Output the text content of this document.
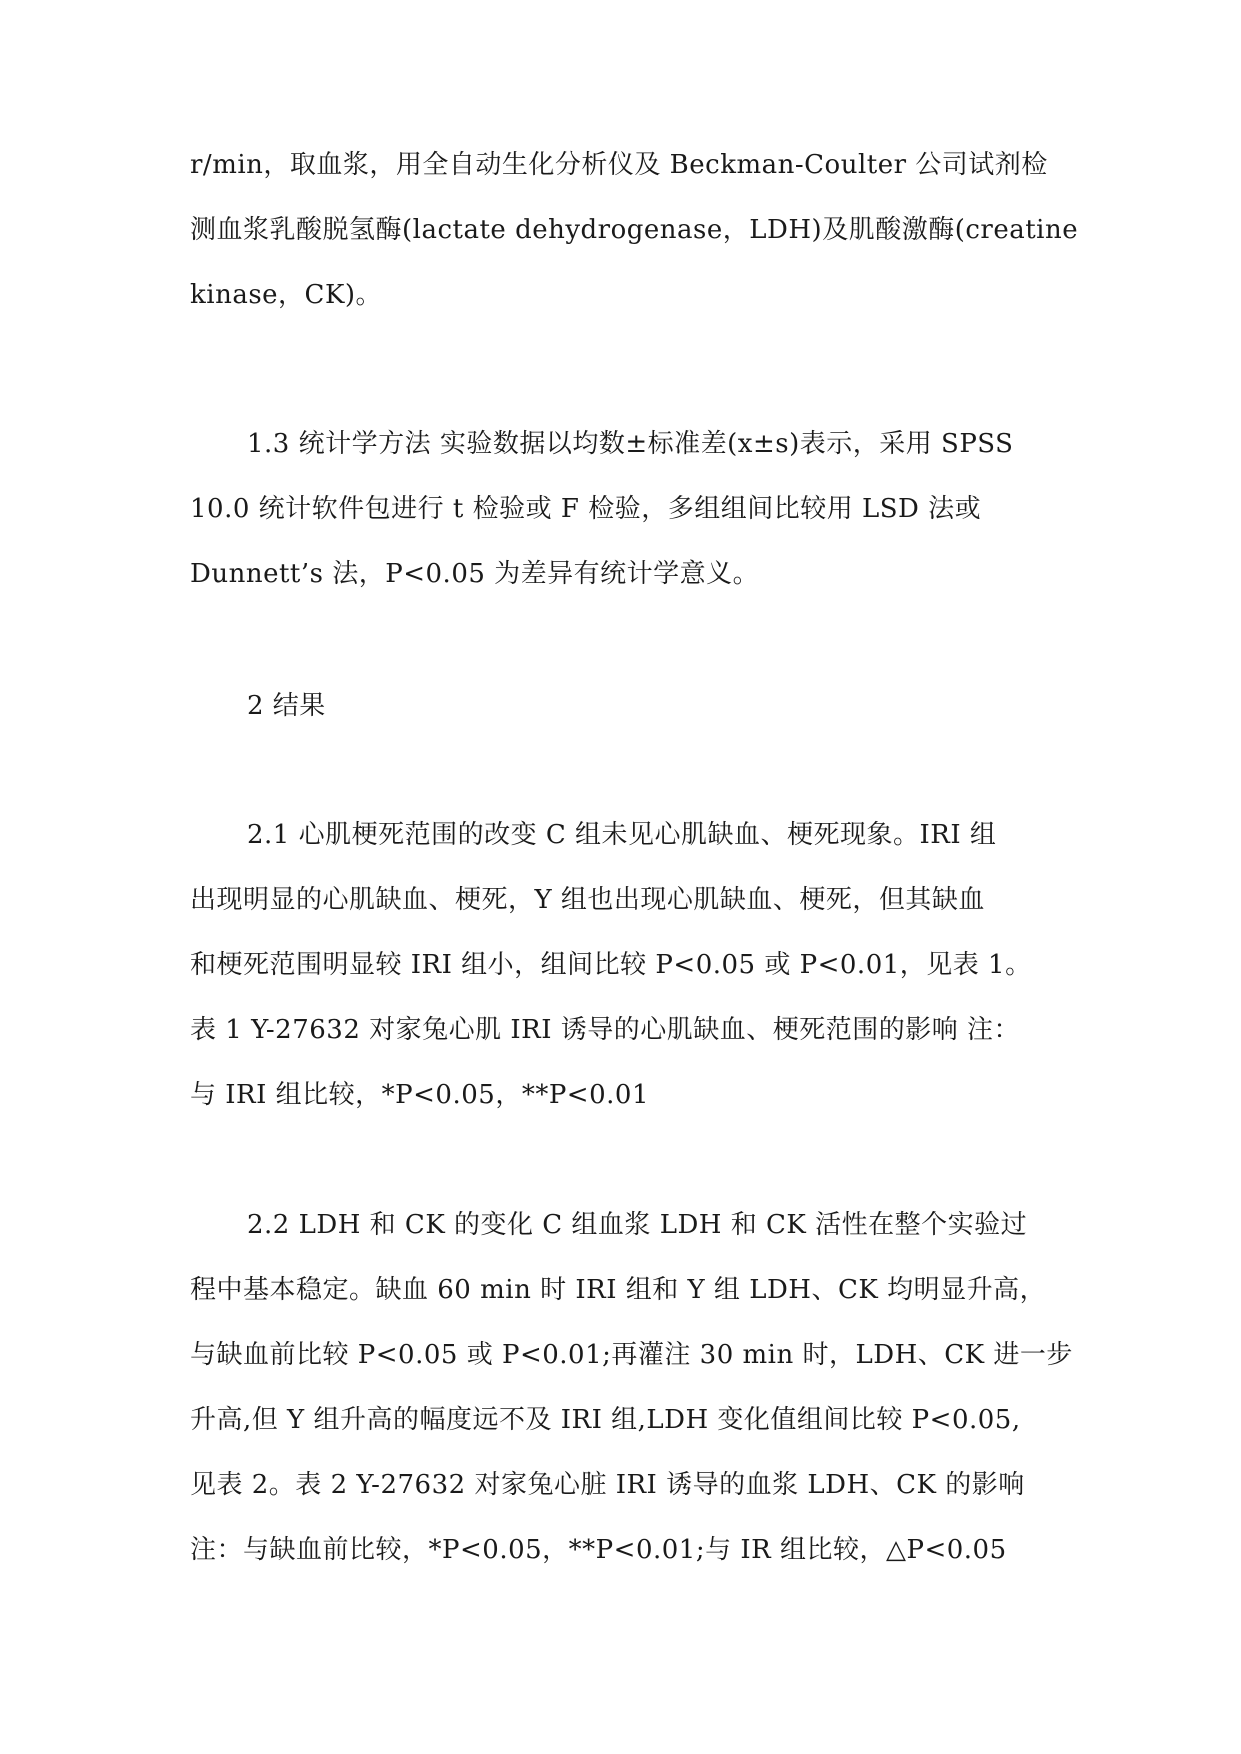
r/min，取血浆，用全自动生化分析仪及 Beckman-Coulter 公司试剂检

测血浆乳酸脱氢酶(lactate dehydrogenase，LDH)及肌酸激酶(creatine

kinase，CK)。

1.3 统计学方法 实验数据以均数±标准差(x±s)表示，采用 SPSS

10.0 统计软件包进行 t 检验或 F 检验，多组组间比较用 LSD 法或

Dunnett’s 法，P<0.05 为差异有统计学意义。

2 结果

2.1 心肌梗死范围的改变 C 组未见心肌缺血、梗死现象。IRI 组

出现明显的心肌缺血、梗死，Y 组也出现心肌缺血、梗死，但其缺血

和梗死范围明显较 IRI 组小，组间比较 P<0.05 或 P<0.01，见表 1。

表 1 Y-27632 对家兔心肌 IRI 诱导的心肌缺血、梗死范围的影响 注：

与 IRI 组比较，*P<0.05，**P<0.01

2.2 LDH 和 CK 的变化 C 组血浆 LDH 和 CK 活性在整个实验过

程中基本稳定。缺血 60 min 时 IRI 组和 Y 组 LDH、CK 均明显升高，

与缺血前比较 P<0.05 或 P<0.01;再灌注 30 min 时，LDH、CK 进一步

升高,但 Y 组升高的幅度远不及 IRI 组,LDH 变化值组间比较 P<0.05,

见表 2。表 2 Y-27632 对家兔心脏 IRI 诱导的血浆 LDH、CK 的影响

注：与缺血前比较，*P<0.05，**P<0.01;与 IR 组比较，△P<0.05
